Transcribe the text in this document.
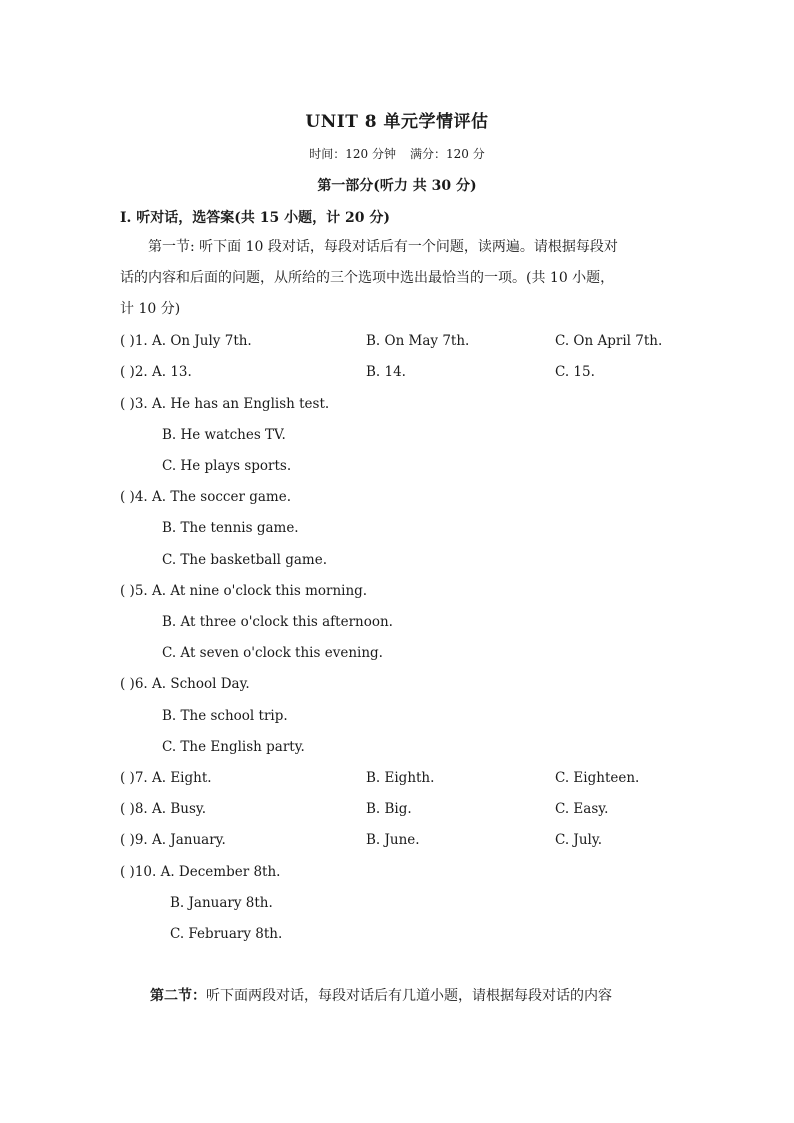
UNIT 8 单元学情评估
时间：120 分钟 满分：120 分
第一部分(听力 共 30 分)
Ⅰ. 听对话，选答案(共 15 小题，计 20 分)
第一节: 听下面 10 段对话，每段对话后有一个问题，读两遍。请根据每段对
话的内容和后面的问题，从所给的三个选项中选出最恰当的一项。(共 10 小题，
计 10 分)
( )1. A. On July 7th.	B. On May 7th.	C. On April 7th.
( )2. A. 13.	B. 14.	C. 15.
( )3. A. He has an English test.
B. He watches TV.
C. He plays sports.
( )4. A. The soccer game.
B. The tennis game.
C. The basketball game.
( )5. A. At nine o'clock this morning.
B. At three o'clock this afternoon.
C. At seven o'clock this evening.
( )6. A. School Day.
B. The school trip.
C. The English party.
( )7. A. Eight.	B. Eighth.	C. Eighteen.
( )8. A. Busy.	B. Big.	C. Easy.
( )9. A. January.	B. June.	C. July.
( )10. A. December 8th.
B. January 8th.
C. February 8th.
第二节：听下面两段对话，每段对话后有几道小题，请根据每段对话的内容
